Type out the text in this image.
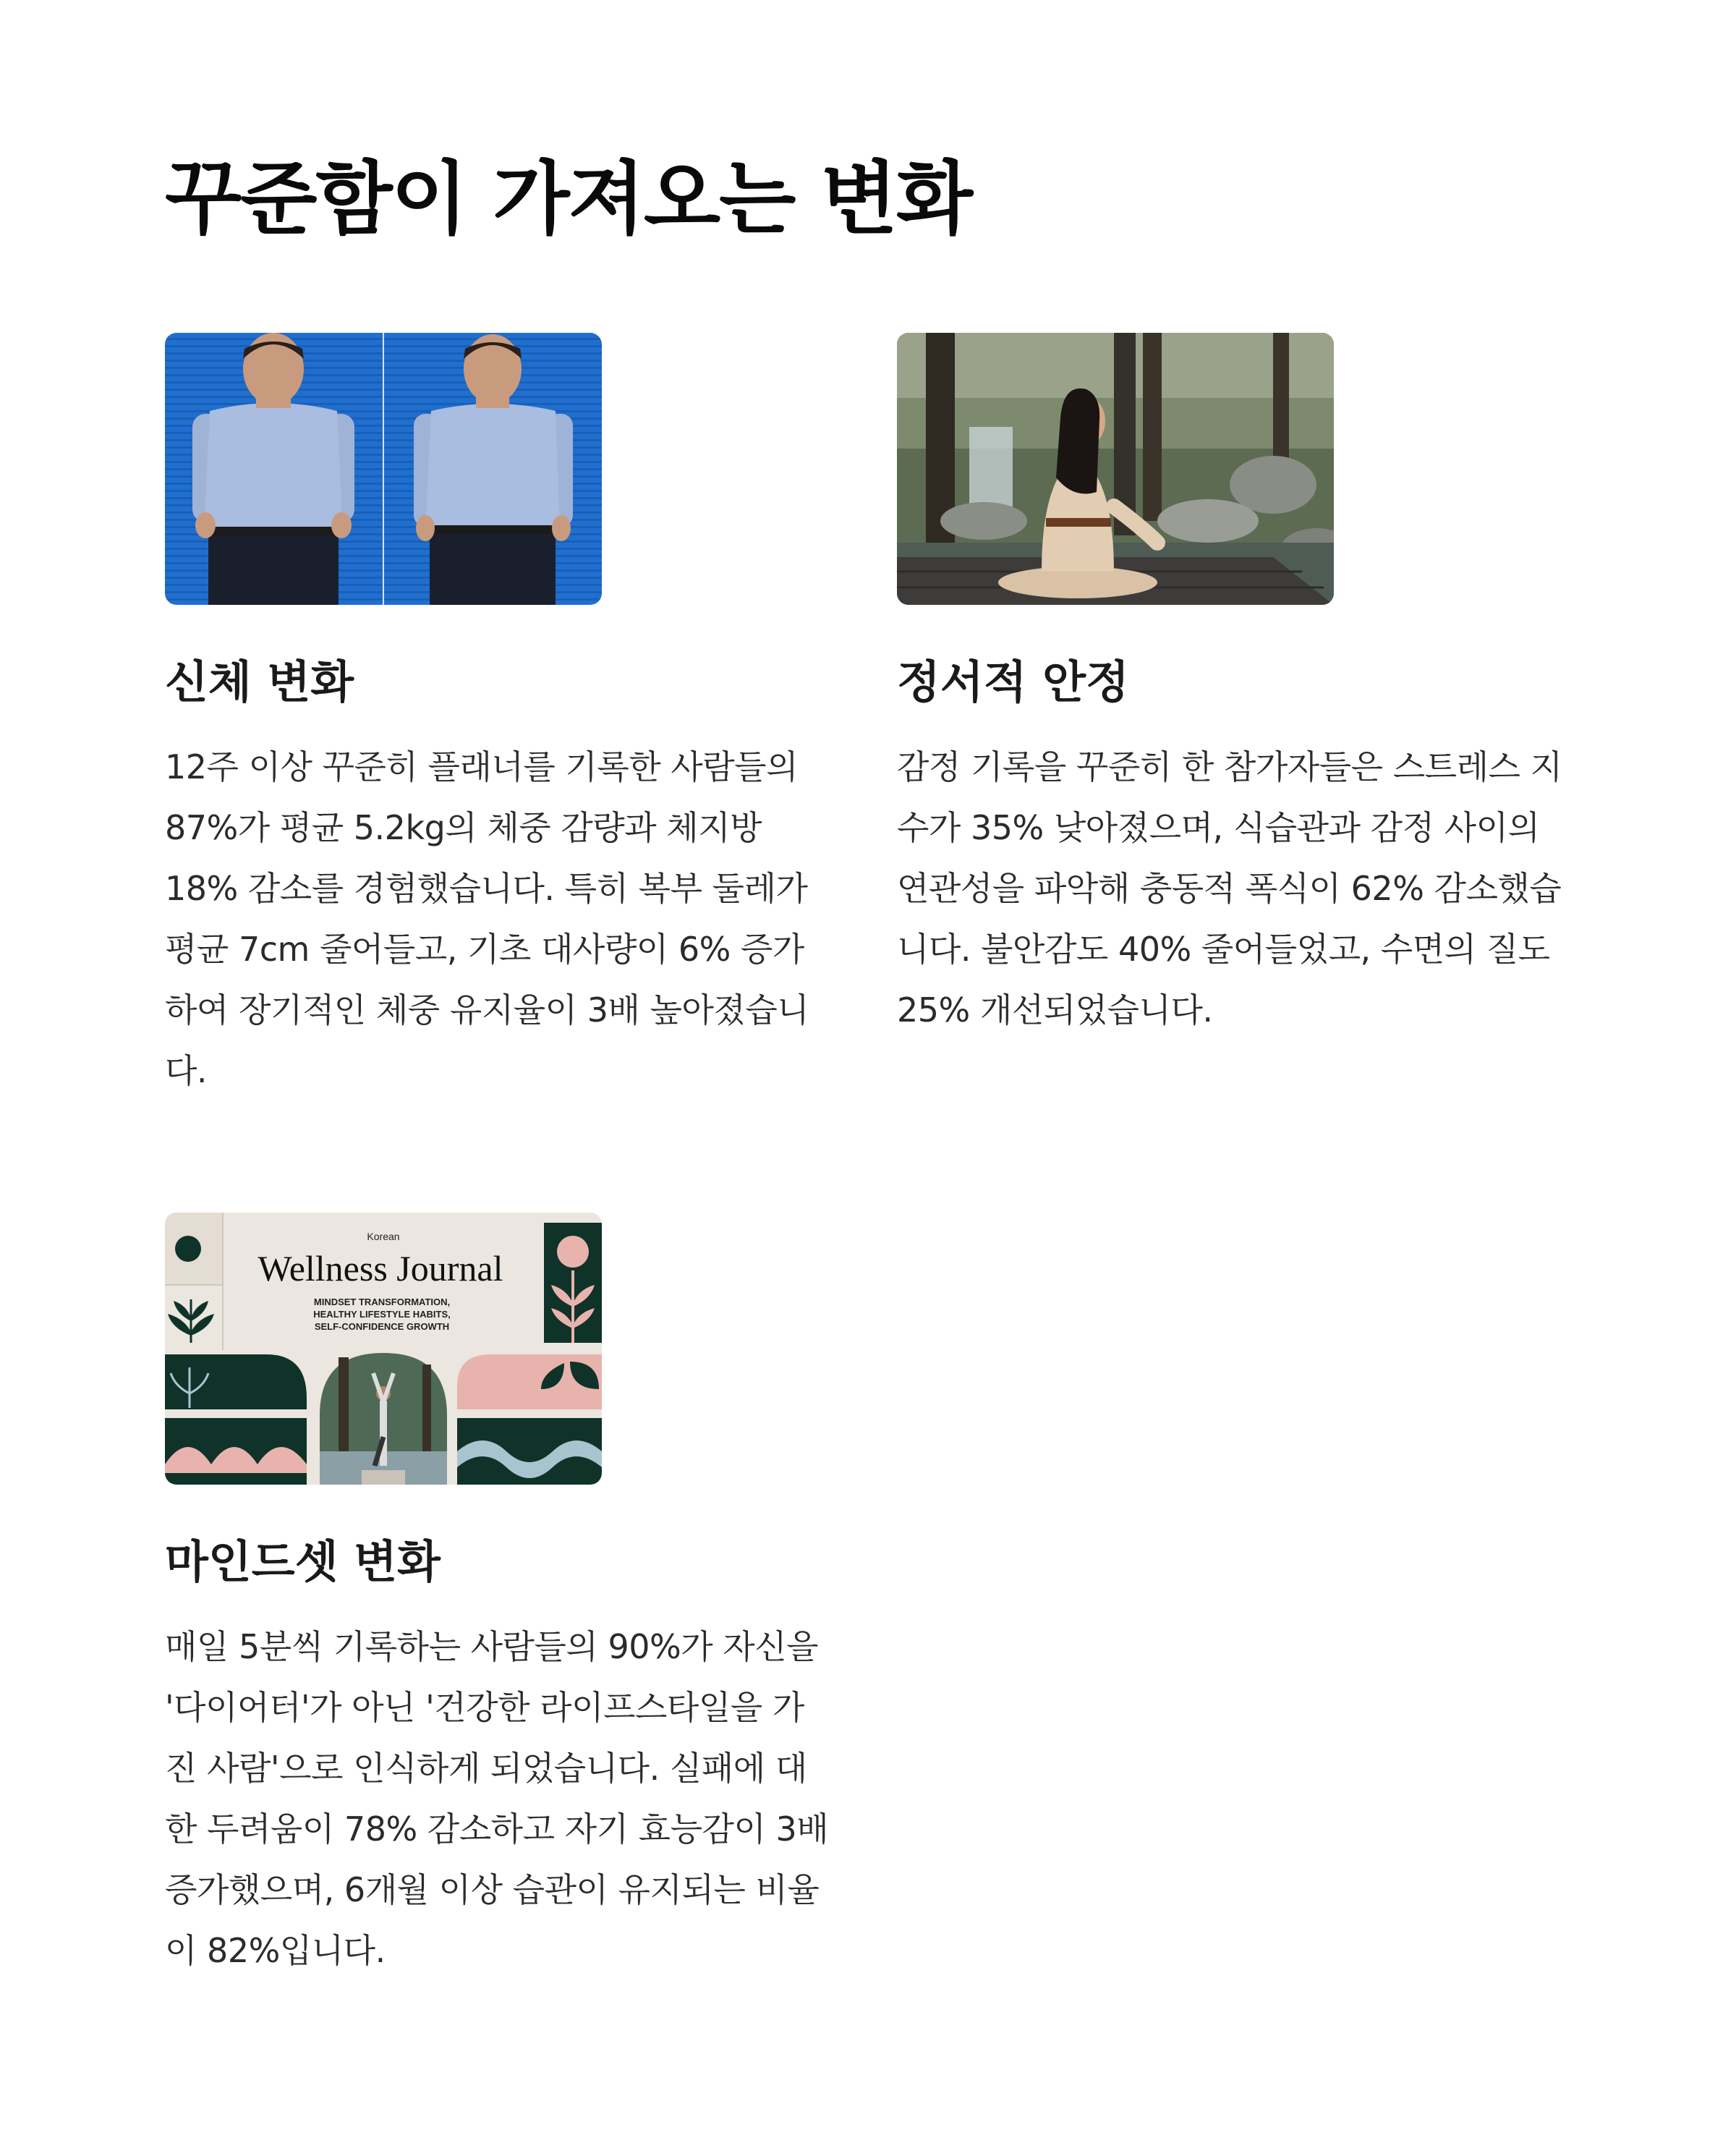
꾸준함이 가져오는 변화
신체 변화

12주 이상 꾸준히 플래너를 기록한 사람들의 87%가 평균 5.2kg의 체중 감량과 체지방 18% 감소를 경험했습니다. 특히 복부 둘레가 평균 7cm 줄어들고, 기초 대사량이 6% 증가하여 장기적인 체중 유지율이 3배 높아졌습니다.

정서적 안정

감정 기록을 꾸준히 한 참가자들은 스트레스 지수가 35% 낮아졌으며, 식습관과 감정 사이의 연관성을 파악해 충동적 폭식이 62% 감소했습니다. 불안감도 40% 줄어들었고, 수면의 질도 25% 개선되었습니다.

Korean
Wellness Journal
MINDSET TRANSFORMATION,
HEALTHY LIFESTYLE HABITS,
SELF-CONFIDENCE GROWTH
마인드셋 변화

매일 5분씩 기록하는 사람들의 90%가 자신을 '다이어터'가 아닌 '건강한 라이프스타일을 가진 사람'으로 인식하게 되었습니다. 실패에 대한 두려움이 78% 감소하고 자기 효능감이 3배 증가했으며, 6개월 이상 습관이 유지되는 비율이 82%입니다.
